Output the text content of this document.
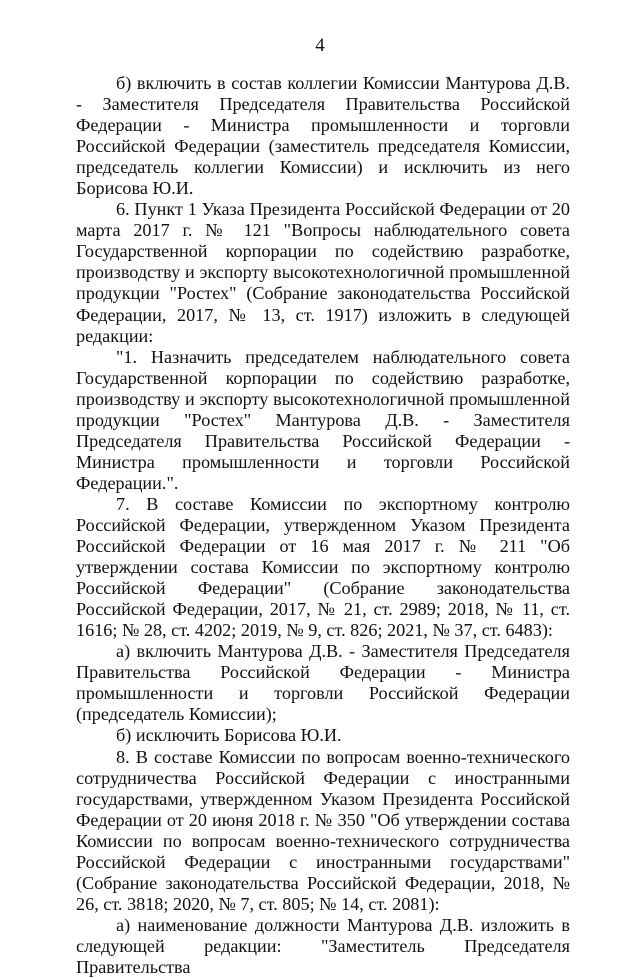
4

б) включить в состав коллегии Комиссии Мантурова Д.В. - Заместителя Председателя Правительства Российской Федерации - Министра промышленности и торговли Российской Федерации (заместитель председателя Комиссии, председатель коллегии Комиссии) и исключить из него Борисова Ю.И.

6. Пункт 1 Указа Президента Российской Федерации от 20 марта 2017 г. № 121 "Вопросы наблюдательного совета Государственной корпорации по содействию разработке, производству и экспорту высокотехнологичной промышленной продукции "Ростех" (Собрание законодательства Российской Федерации, 2017, № 13, ст. 1917) изложить в следующей редакции:

"1. Назначить председателем наблюдательного совета Государственной корпорации по содействию разработке, производству и экспорту высокотехнологичной промышленной продукции "Ростех" Мантурова Д.В. - Заместителя Председателя Правительства Российской Федерации - Министра промышленности и торговли Российской Федерации.".

7. В составе Комиссии по экспортному контролю Российской Федерации, утвержденном Указом Президента Российской Федерации от 16 мая 2017 г. № 211 "Об утверждении состава Комиссии по экспортному контролю Российской Федерации" (Собрание законодательства Российской Федерации, 2017, № 21, ст. 2989; 2018, № 11, ст. 1616; № 28, ст. 4202; 2019, № 9, ст. 826; 2021, № 37, ст. 6483):

а) включить Мантурова Д.В. - Заместителя Председателя Правительства Российской Федерации - Министра промышленности и торговли Российской Федерации (председатель Комиссии);

б) исключить Борисова Ю.И.

8. В составе Комиссии по вопросам военно-технического сотрудничества Российской Федерации с иностранными государствами, утвержденном Указом Президента Российской Федерации от 20 июня 2018 г. № 350 "Об утверждении состава Комиссии по вопросам военно-технического сотрудничества Российской Федерации с иностранными государствами" (Собрание законодательства Российской Федерации, 2018, № 26, ст. 3818; 2020, № 7, ст. 805; № 14, ст. 2081):

а) наименование должности Мантурова Д.В. изложить в следующей редакции: "Заместитель Председателя Правительства
